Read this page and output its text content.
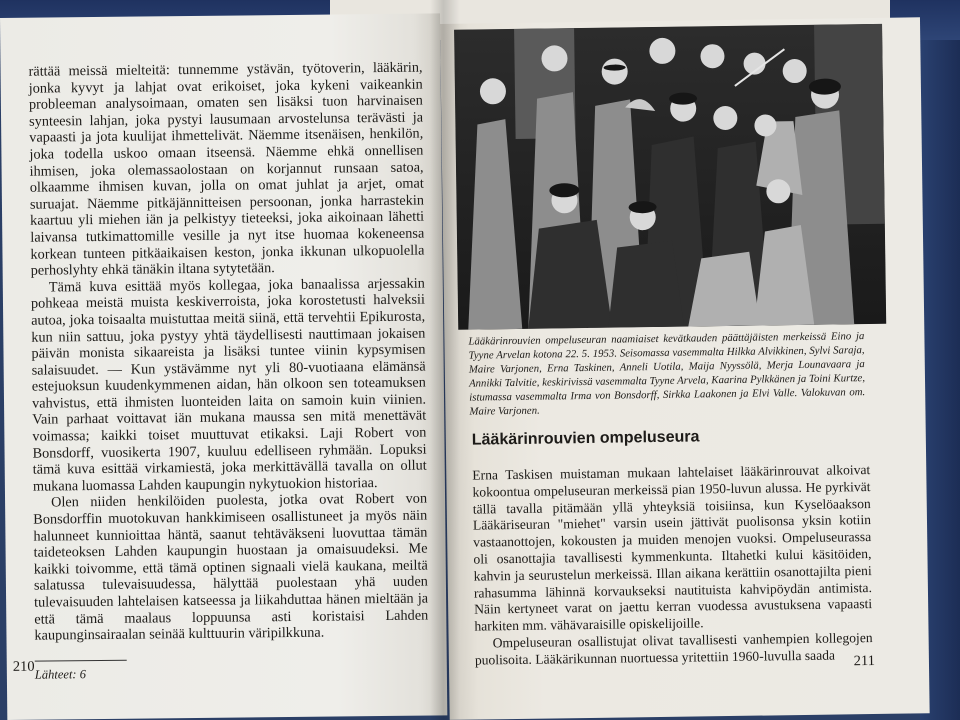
rättää meissä mielteitä: tunnemme ystävän, työtoverin, lääkärin, jonka kyvyt ja lahjat ovat erikoiset, joka kykeni vaikeankin probleeman analysoimaan, omaten sen lisäksi tuon harvinaisen synteesin lahjan, joka pystyi lausumaan arvostelunsa terävästi ja vapaasti ja jota kuulijat ihmettelivät. Näemme itsenäisen, henkilön, joka todella uskoo omaan itseensä. Näemme ehkä onnellisen ihmisen, joka olemassaolostaan on korjannut runsaan satoa, olkaamme ihmisen kuvan, jolla on omat juhlat ja arjet, omat suruajat. Näemme pitkäjännitteisen persoonan, jonka harrastekin kaartuu yli miehen iän ja pelkistyy tieteeksi, joka aikoinaan lähetti laivansa tutkimattomille vesille ja nyt itse huomaa kokeneensa korkean tunteen pitkäaikaisen keston, jonka ikkunan ulkopuolella perhoslyhty ehkä tänäkin iltana sytytetään.

Tämä kuva esittää myös kollegaa, joka banaalissa arjessakin pohkeaa meistä muista keskiverroista, joka korostetusti halveksii autoa, joka toisaalta muistuttaa meitä siinä, että tervehtii Epikurosta, kun niin sattuu, joka pystyy yhtä täydellisesti nauttimaan jokaisen päivän monista sikaareista ja lisäksi tuntee viinin kypsymisen salaisuudet. — Kun ystävämme nyt yli 80-vuotiaana elämänsä estejuoksun kuudenkymmenen aidan, hän olkoon sen toteamuksen vahvistus, että ihmisten luonteiden laita on samoin kuin viinien. Vain parhaat voittavat iän mukana maussa sen mitä menettävät voimassa; kaikki toiset muuttuvat etikaksi. Laji Robert von Bonsdorff, vuosikerta 1907, kuuluu edelliseen ryhmään. Lopuksi tämä kuva esittää virkamiestä, joka merkittävällä tavalla on ollut mukana luomassa Lahden kaupungin nykytuokion historiaa.

Olen niiden henkilöiden puolesta, jotka ovat Robert von Bonsdorffin muotokuvan hankkimiseen osallistuneet ja myös näin halunneet kunnioittaa häntä, saanut tehtäväkseni luovuttaa tämän taideteoksen Lahden kaupungin huostaan ja omaisuudeksi. Me kaikki toivomme, että tämä optinen signaali vielä kaukana, meiltä salatussa tulevaisuudessa, hälyttää puolestaan yhä uuden tulevaisuuden lahtelaisen katseessa ja liikahduttaa hänen mieltään ja että tämä maalaus loppuunsa asti koristaisi Lahden kaupunginsairaalan seinää kulttuurin väripilkkuna.

Lähteet: 6
210
Lääkärinrouvien ompeluseuran naamiaiset kevätkauden päättäjäisten merkeissä Eino ja Tyyne Arvelan kotona 22. 5. 1953. Seisomassa vasemmalta Hilkka Alvikkinen, Sylvi Saraja, Maire Varjonen, Erna Taskinen, Anneli Uotila, Maija Nyyssölä, Merja Lounavaara ja Annikki Talvitie, keskirivissä vasemmalta Tyyne Arvela, Kaarina Pylkkänen ja Toini Kurtze, istumassa vasemmalta Irma von Bonsdorff, Sirkka Laakonen ja Elvi Valle. Valokuvan om. Maire Varjonen.
Lääkärinrouvien ompeluseura

Erna Taskisen muistaman mukaan lahtelaiset lääkärinrouvat alkoivat kokoontua ompeluseuran merkeissä pian 1950-luvun alussa. He pyrkivät tällä tavalla pitämään yllä yhteyksiä toisiinsa, kun Kyselöaakson Lääkäriseuran "miehet" varsin usein jättivät puolisonsa yksin kotiin vastaanottojen, kokousten ja muiden menojen vuoksi. Ompeluseurassa oli osanottajia tavallisesti kymmenkunta. Iltahetki kului käsitöiden, kahvin ja seurustelun merkeissä. Illan aikana kerättiin osanottajilta pieni rahasumma lähinnä korvaukseksi nautituista kahvipöydän antimista. Näin kertyneet varat on jaettu kerran vuodessa avustuksena vapaasti harkiten mm. vähävaraisille opiskelijoille.

Ompeluseuran osallistujat olivat tavallisesti vanhempien kollegojen puolisoita. Lääkärikunnan nuortuessa yritettiin 1960-luvulla saada	211
